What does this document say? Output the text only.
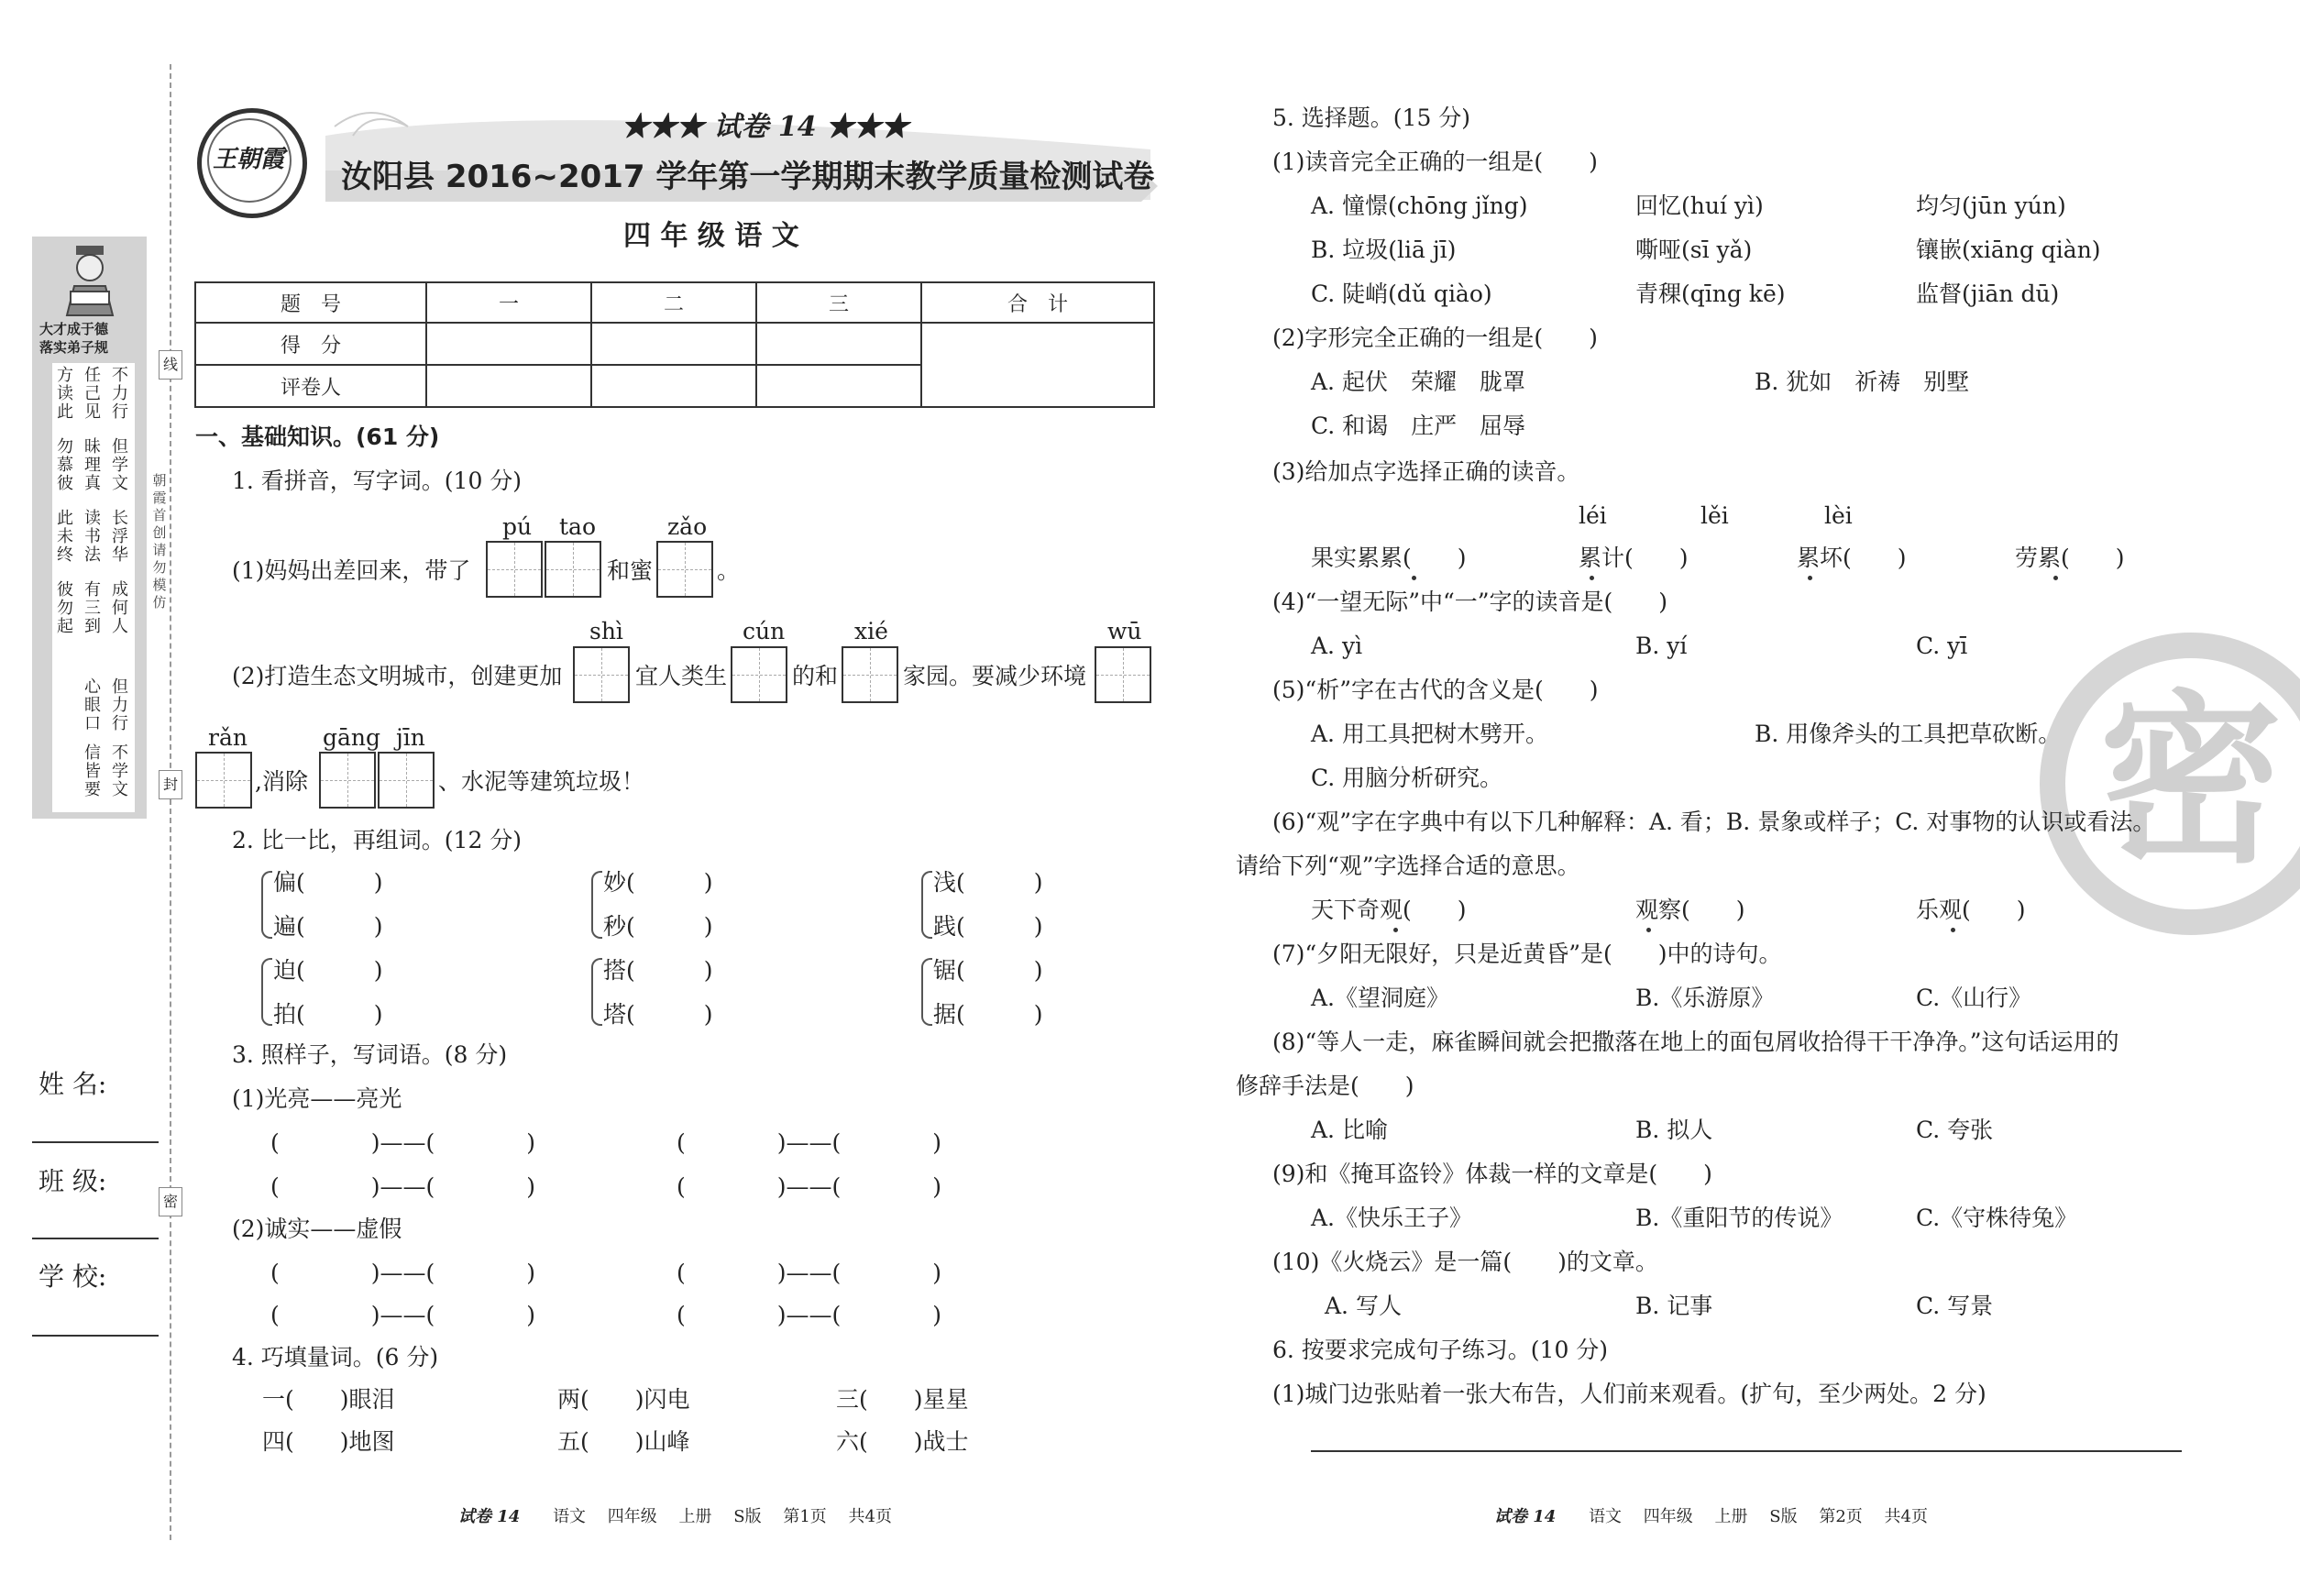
线
封
密
大才成于德
落实弟子规
方读此
任己见
不力行
勿慕彼
昧理真
但学文
此未终
读书法
长浮华
彼勿起
有三到
成何人
心眼口
但力行
信皆要
不学文
朝霞首创 请勿模仿
姓 名:
班 级:
学 校:
王朝霞
★★★ 试卷 14 ★★★
汝阳县 2016~2017 学年第一学期期末教学质量检测试卷
四 年 级 语 文
题　号	一	二	三	合　计
得　分				
评卷人				
一、基础知识。(61 分)
1. 看拼音，写字词。(10 分)
pú tao	zǎo
(1)妈妈出差回来，带了	和蜜	。
shì	cún	xié	wū
(2)打造生态文明城市，创建更加	宜人类生	的和	家园。要减少环境
rǎn	gāng jīn
,消除	、水泥等建筑垃圾！
2. 比一比，再组词。(12 分)
偏(　　　)
遍(　　　)
妙(　　　)
秒(　　　)
浅(　　　)
践(　　　)
迫(　　　)
拍(　　　)
搭(　　　)
塔(　　　)
锯(　　　)
据(　　　)
3. 照样子，写词语。(8 分)
(1)光亮——亮光
(　　　　)——(　　　　)	(　　　　)——(　　　　)
(　　　　)——(　　　　)	(　　　　)——(　　　　)
(2)诚实——虚假
(　　　　)——(　　　　)	(　　　　)——(　　　　)
(　　　　)——(　　　　)	(　　　　)——(　　　　)
4. 巧填量词。(6 分)
一(　　)眼泪	两(　　)闪电	三(　　)星星
四(　　)地图	五(　　)山峰	六(　　)战士
试卷 14 语文 四年级 上册 S版 第1页 共4页
密
5. 选择题。(15 分)
(1)读音完全正确的一组是(　　)
A. 憧憬(chōng jǐng)	回忆(huí yì)	均匀(jūn yún)
B. 垃圾(liā jī)	嘶哑(sī yǎ)	镶嵌(xiāng qiàn)
C. 陡峭(dǔ qiào)	青稞(qīng kē)	监督(jiān dū)
(2)字形完全正确的一组是(　　)
A. 起伏　荣耀　胧罩	B. 犹如　祈祷　别墅
C. 和谒　庄严　屈辱
(3)给加点字选择正确的读音。
léi	lěi	lèi
果实累累(　　)	累计(　　)	累坏(　　)	劳累(　　)
(4)“一望无际”中“一”字的读音是(　　)
A. yì	B. yí	C. yī
(5)“析”字在古代的含义是(　　)
A. 用工具把树木劈开。	B. 用像斧头的工具把草砍断。
C. 用脑分析研究。
(6)“观”字在字典中有以下几种解释：A. 看；B. 景象或样子；C. 对事物的认识或看法。
请给下列“观”字选择合适的意思。
天下奇观(　　)	观察(　　)	乐观(　　)
(7)“夕阳无限好，只是近黄昏”是(　　)中的诗句。
A.《望洞庭》	B.《乐游原》	C.《山行》
(8)“等人一走，麻雀瞬间就会把撒落在地上的面包屑收拾得干干净净。”这句话运用的
修辞手法是(　　)
A. 比喻	B. 拟人	C. 夸张
(9)和《掩耳盗铃》体裁一样的文章是(　　)
A.《快乐王子》	B.《重阳节的传说》	C.《守株待兔》
(10)《火烧云》是一篇(　　)的文章。
A. 写人	B. 记事	C. 写景
6. 按要求完成句子练习。(10 分)
(1)城门边张贴着一张大布告，人们前来观看。(扩句，至少两处。2 分)
试卷 14 语文 四年级 上册 S版 第2页 共4页
